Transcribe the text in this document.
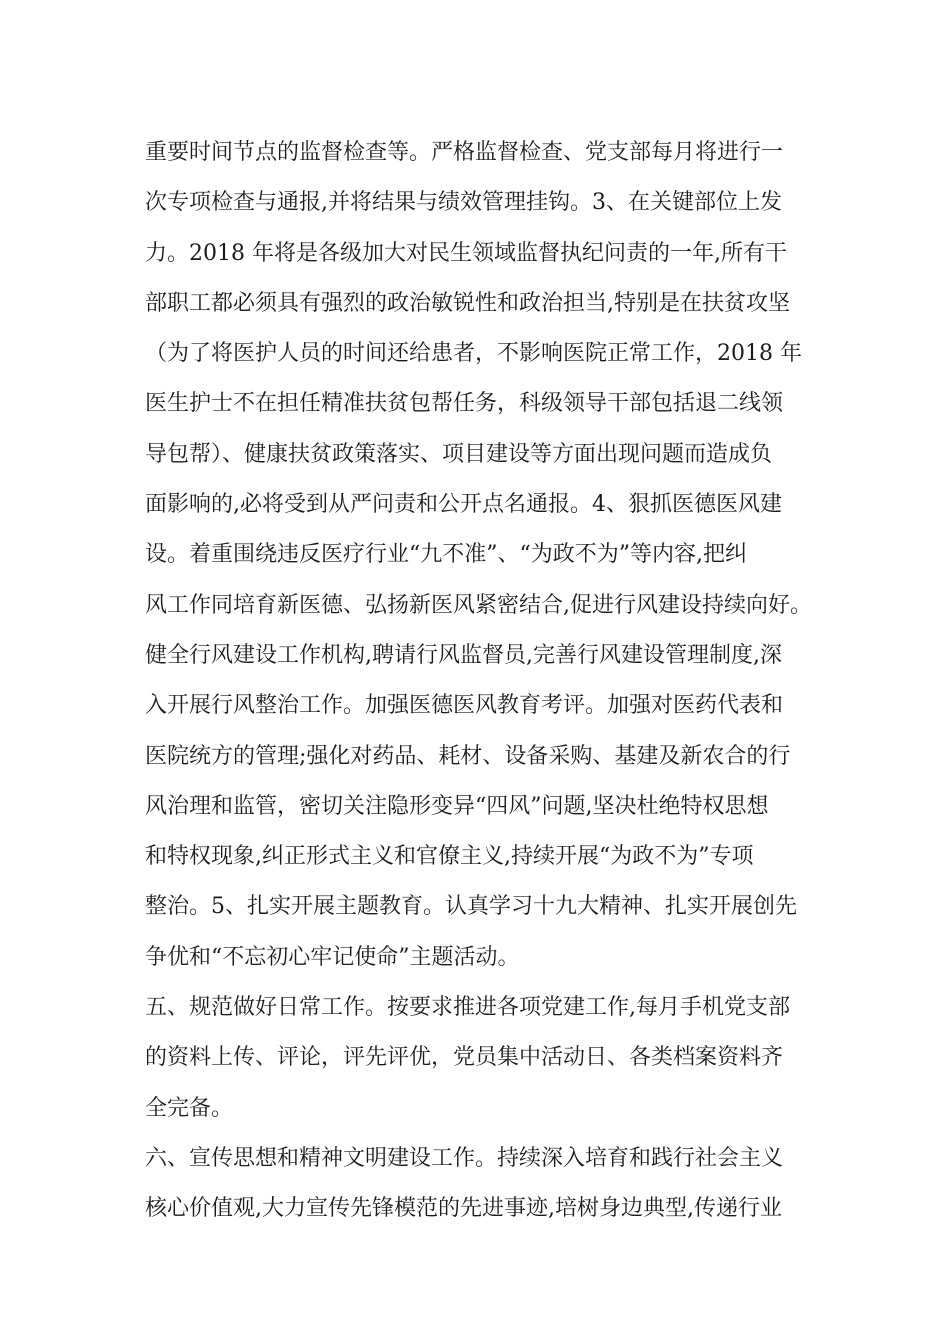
重要时间节点的监督检查等。严格监督检查、党支部每月将进行一
次专项检查与通报,并将结果与绩效管理挂钩。3、在关键部位上发
力。2018 年将是各级加大对民生领域监督执纪问责的一年,所有干
部职工都必须具有强烈的政治敏锐性和政治担当,特别是在扶贫攻坚
（为了将医护人员的时间还给患者，不影响医院正常工作，2018 年
医生护士不在担任精准扶贫包帮任务，科级领导干部包括退二线领
导包帮）、健康扶贫政策落实、项目建设等方面出现问题而造成负
面影响的,必将受到从严问责和公开点名通报。4、狠抓医德医风建
设。着重围绕违反医疗行业“九不准”、“为政不为”等内容,把纠
风工作同培育新医德、弘扬新医风紧密结合,促进行风建设持续向好。
健全行风建设工作机构,聘请行风监督员,完善行风建设管理制度,深
入开展行风整治工作。加强医德医风教育考评。加强对医药代表和
医院统方的管理;强化对药品、耗材、设备采购、基建及新农合的行
风治理和监管，密切关注隐形变异“四风”问题,坚决杜绝特权思想
和特权现象,纠正形式主义和官僚主义,持续开展“为政不为”专项
整治。5、扎实开展主题教育。认真学习十九大精神、扎实开展创先
争优和“不忘初心牢记使命”主题活动。
五、规范做好日常工作。按要求推进各项党建工作,每月手机党支部
的资料上传、评论，评先评优，党员集中活动日、各类档案资料齐
全完备。
六、宣传思想和精神文明建设工作。持续深入培育和践行社会主义
核心价值观,大力宣传先锋模范的先进事迹,培树身边典型,传递行业
